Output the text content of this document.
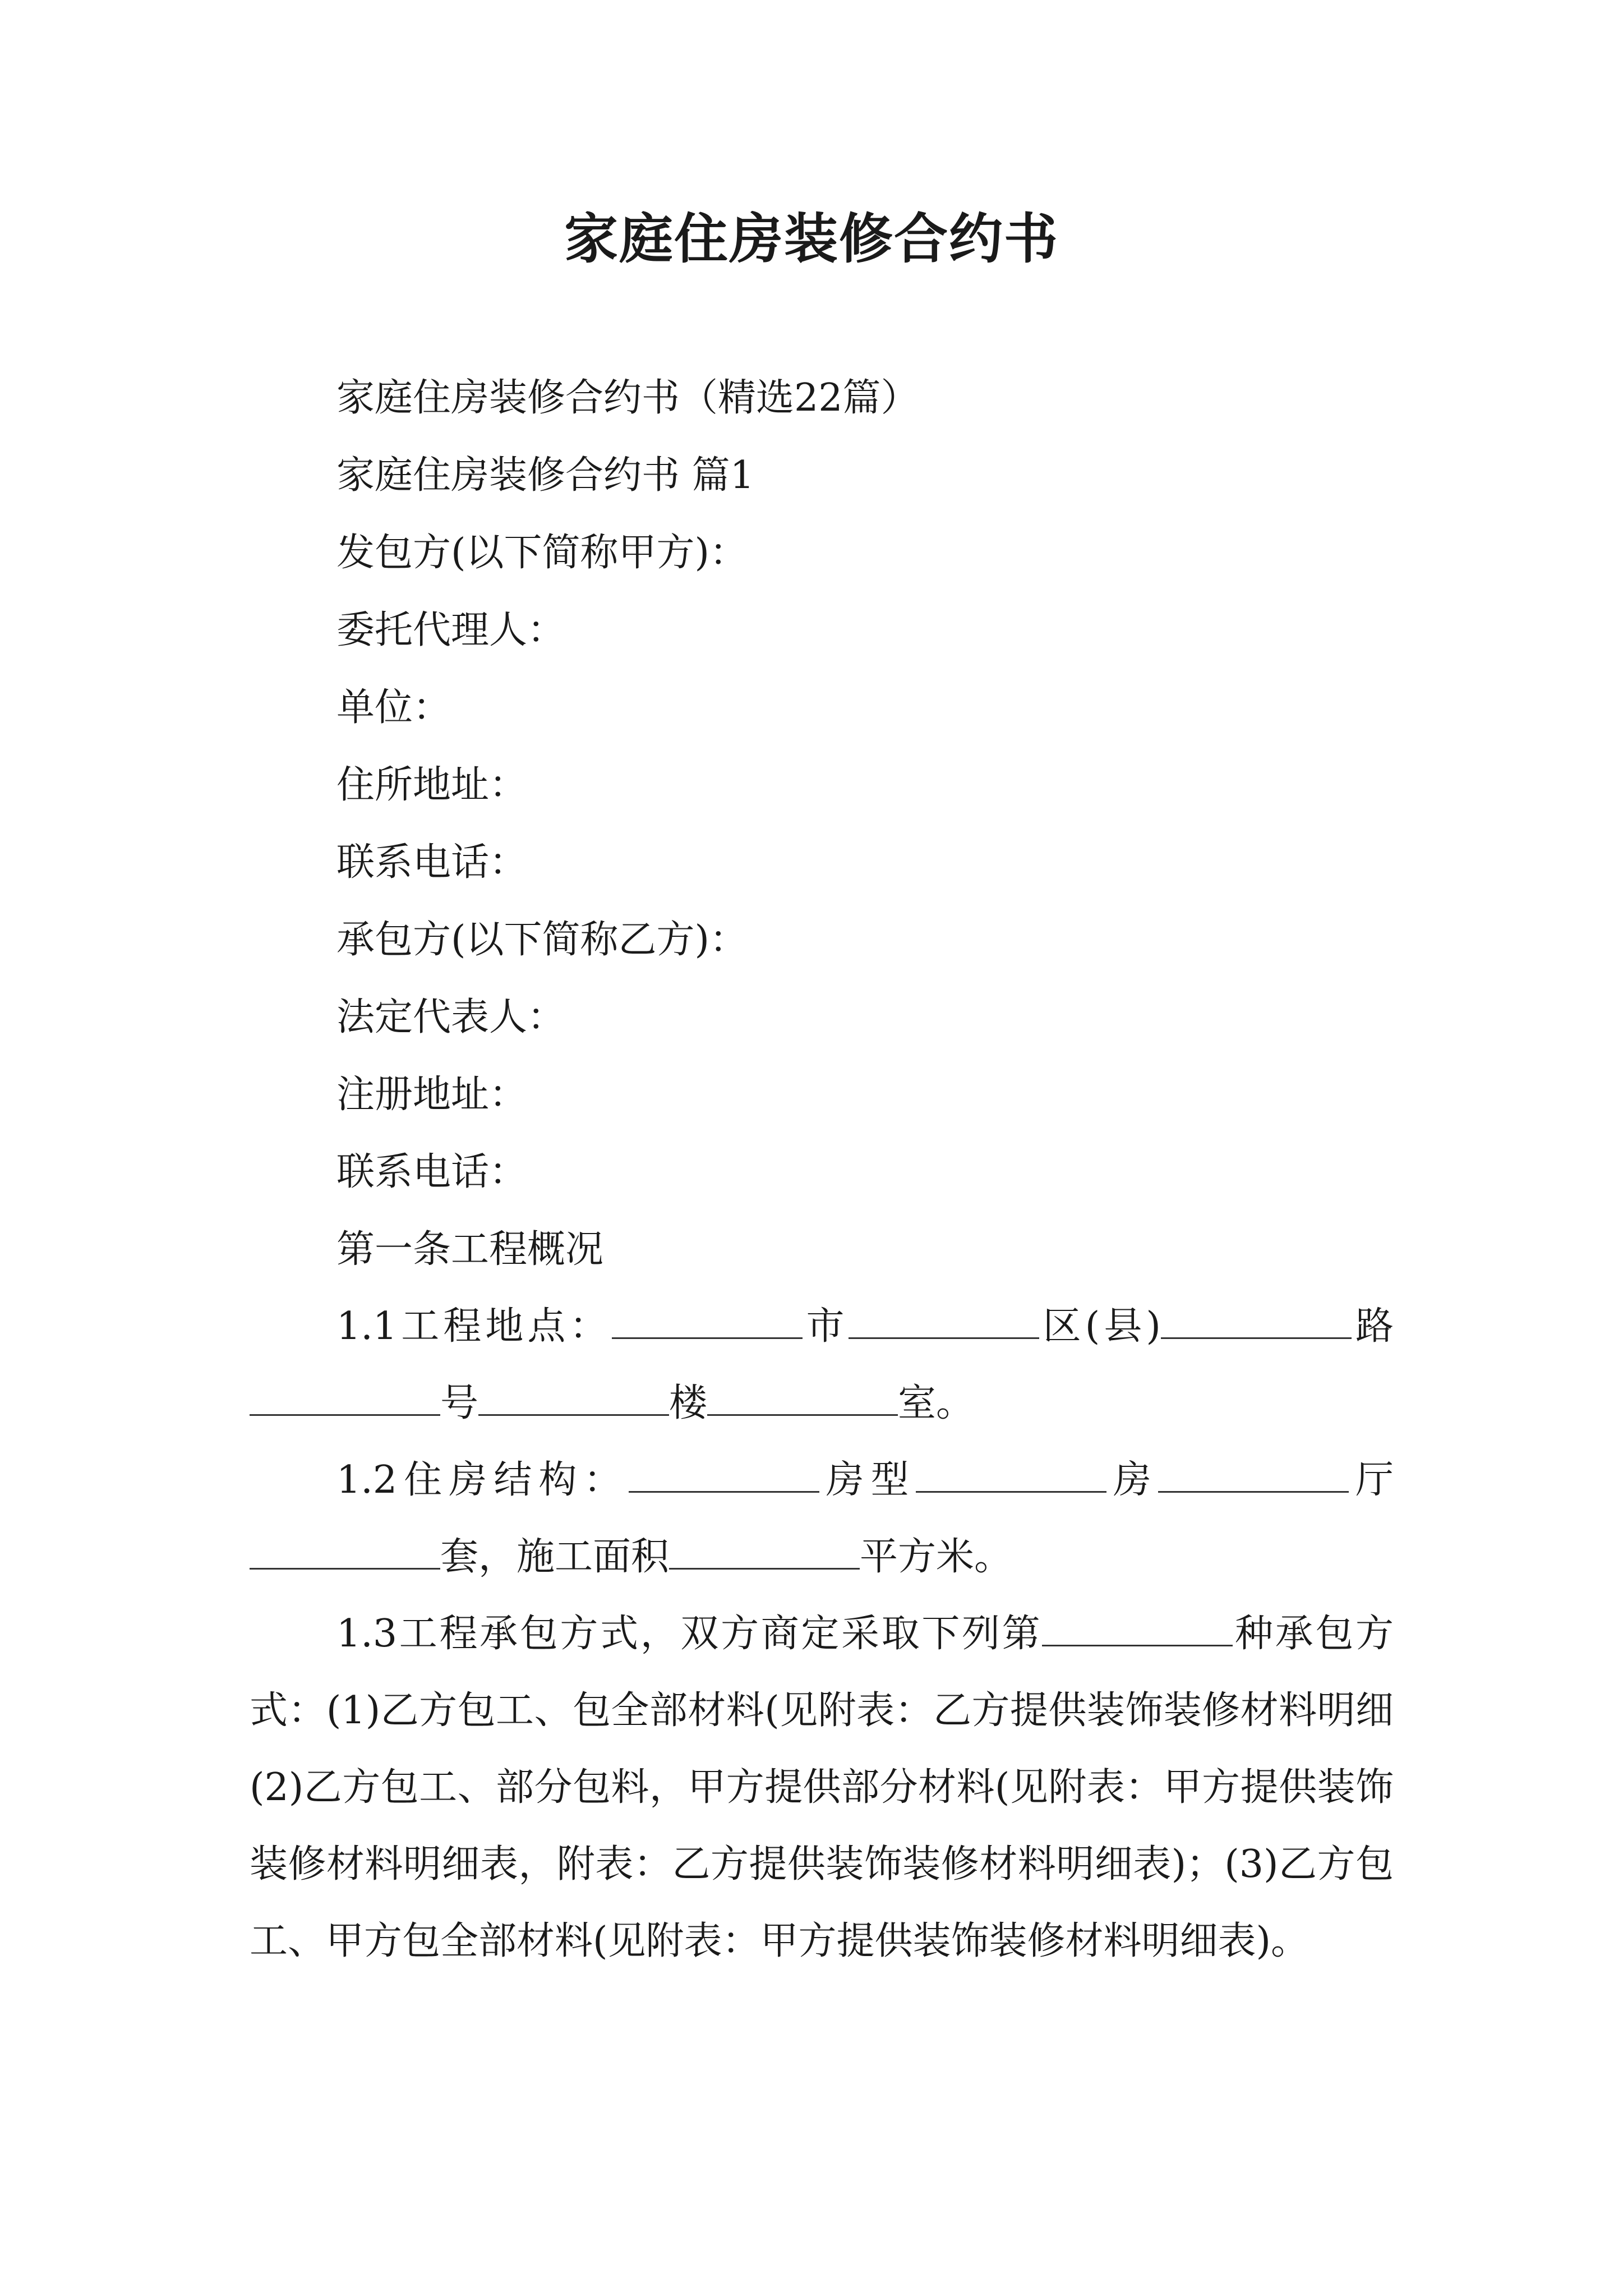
家庭住房装修合约书

家庭住房装修合约书（精选22篇）

家庭住房装修合约书 篇1

发包方(以下简称甲方)：

委托代理人：

单位：

住所地址：

联系电话：

承包方(以下简称乙方)：

法定代表人：

注册地址：

联系电话：

第一条工程概况

1.1工程地点：	市	区(县)	路号	楼	室。

1.2住房结构：	房型	房	厅套，施工面积	平方米。

1.3工程承包方式，双方商定采取下列第	种承包方式：(1)乙方包工、包全部材料(见附表：乙方提供装饰装修材料明细(2)乙方包工、部分包料，甲方提供部分材料(见附表：甲方提供装饰装修材料明细表，附表：乙方提供装饰装修材料明细表)；(3)乙方包工、甲方包全部材料(见附表：甲方提供装饰装修材料明细表)。
